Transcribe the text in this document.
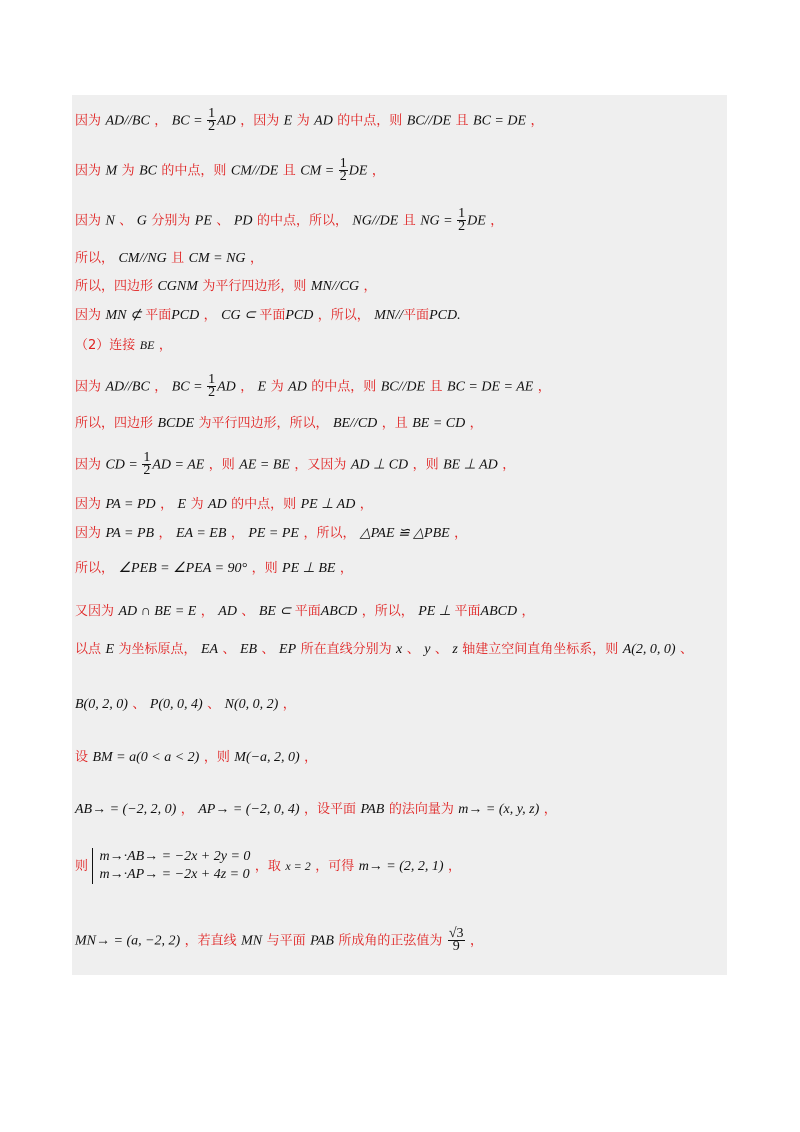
因为 AD//BC ， BC = $\frac{1}{2}$ AD ，因为 E 为 AD 的中点，则 BC//DE 且 BC = DE ，
因为 M 为 BC 的中点，则 CM//DE 且 CM = $\frac{1}{2}$ DE ，
因为 N 、 G 分别为 PE 、 PD 的中点，所以， NG//DE 且 NG = $\frac{1}{2}$ DE ，
所以， CM//NG 且 CM = NG ，
所以，四边形 CGNM 为平行四边形，则 MN//CG ，
因为 MN ⊄ 平面PCD ， CG ⊂ 平面PCD ，所以， MN//平面PCD.
（2）连接 BE ，
因为 AD//BC ， BC = $\frac{1}{2}$ AD ， E 为 AD 的中点，则 BC//DE 且 BC = DE = AE ，
所以，四边形 BCDE 为平行四边形，所以， BE//CD ，且 BE = CD ，
因为 CD = $\frac{1}{2}$ AD = AE ，则 AE = BE ，又因为 AD ⊥ CD ，则 BE ⊥ AD ，
因为 PA = PD ， E 为 AD 的中点，则 PE ⊥ AD ，
因为 PA = PB ， EA = EB ， PE = PE ，所以， △PAE ≌ △PBE ，
所以， ∠PEB = ∠PEA = 90° ，则 PE ⊥ BE ，
又因为 AD ∩ BE = E ， AD 、 BE ⊂ 平面ABCD ，所以， PE ⊥ 平面ABCD ，
以点 E 为坐标原点， EA 、 EB 、 EP 所在直线分别为 x 、 y 、 z 轴建立空间直角坐标系，则 A(2, 0, 0) 、
B(0, 2, 0) 、 P(0, 0, 4) 、 N(0, 0, 2) ，
设 BM = a(0 < a < 2) ，则 M(−a, 2, 0) ，
AB→ = (−2, 2, 0) ， AP→ = (−2, 0, 4) ，设平面 PAB 的法向量为 m→ = (x, y, z) ，
则
m→·AB→ = −2x + 2y = 0
m→·AP→ = −2x + 4z = 0
，取 x = 2 ，可得 m→ = (2, 2, 1) ，
MN→ = (a, −2, 2) ，若直线 MN 与平面 PAB 所成角的正弦值为 $\frac{√3}{9}$ ，
